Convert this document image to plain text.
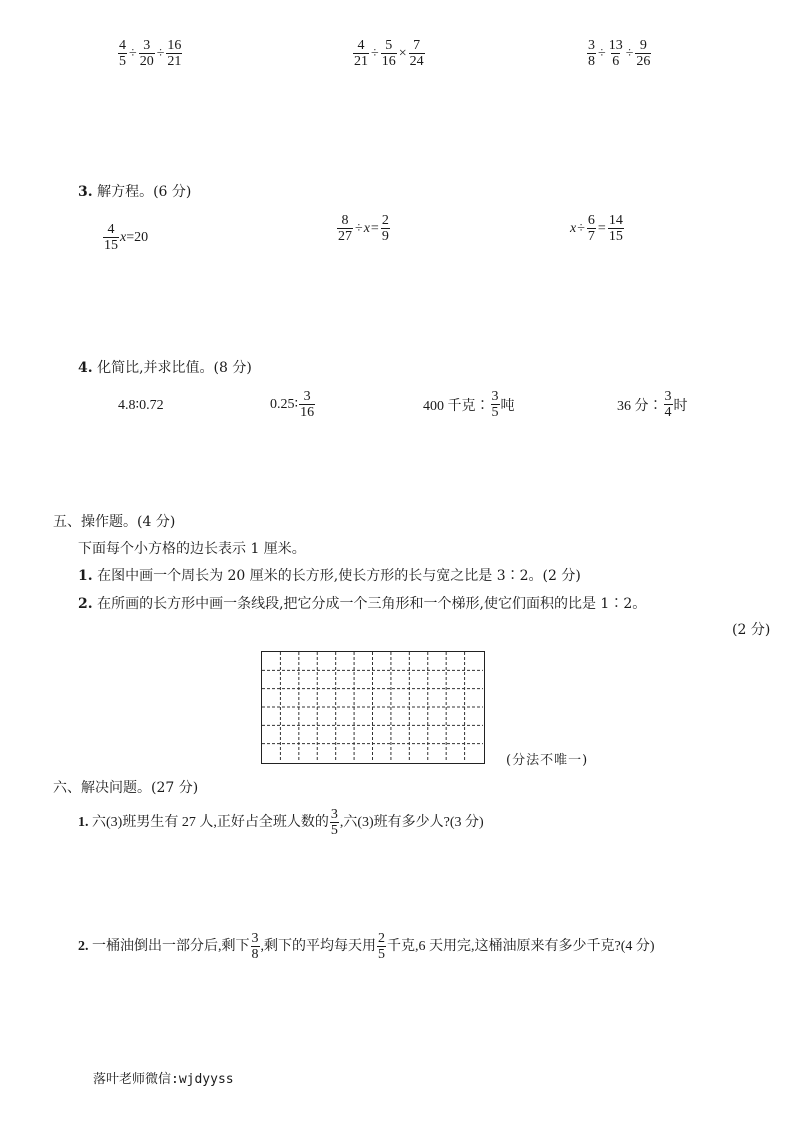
$\frac{4}{5} \div \frac{3}{20} \div \frac{16}{21}$	$\frac{4}{21} \div \frac{5}{16} \times \frac{7}{24}$	$\frac{3}{8} \div \frac{13}{6} \div \frac{9}{26}$
3. 解方程。(6 分)
$\frac{4}{15}$ x =20	$\frac{8}{27} \div x = \frac{2}{9}$	$x \div \frac{6}{7} = \frac{14}{15}$
4. 化简比,并求比值。(8 分)
4.8∶0.72	0.25∶ $\frac{3}{16}$	400 千克∶ $\frac{3}{5}$ 吨	36 分∶ $\frac{3}{4}$ 时
五、操作题。(4 分)
下面每个小方格的边长表示 1 厘米。
1. 在图中画一个周长为 20 厘米的长方形,使长方形的长与宽之比是 3∶2。(2 分)
2. 在所画的长方形中画一条线段,把它分成一个三角形和一个梯形,使它们面积的比是 1∶2。
(2 分)
(分法不唯一)
六、解决问题。(27 分)
1.
六(3)班男生有 27 人,正好占全班人数的 $\frac{3}{5}$ ,六(3)班有多少人?(3 分)
2.
一桶油倒出一部分后,剩下 $\frac{3}{8}$ ,剩下的平均每天用 $\frac{2}{5}$ 千克,6 天用完,这桶油原来有多少千克?(4 分)
落叶老师微信:wjdyyss
